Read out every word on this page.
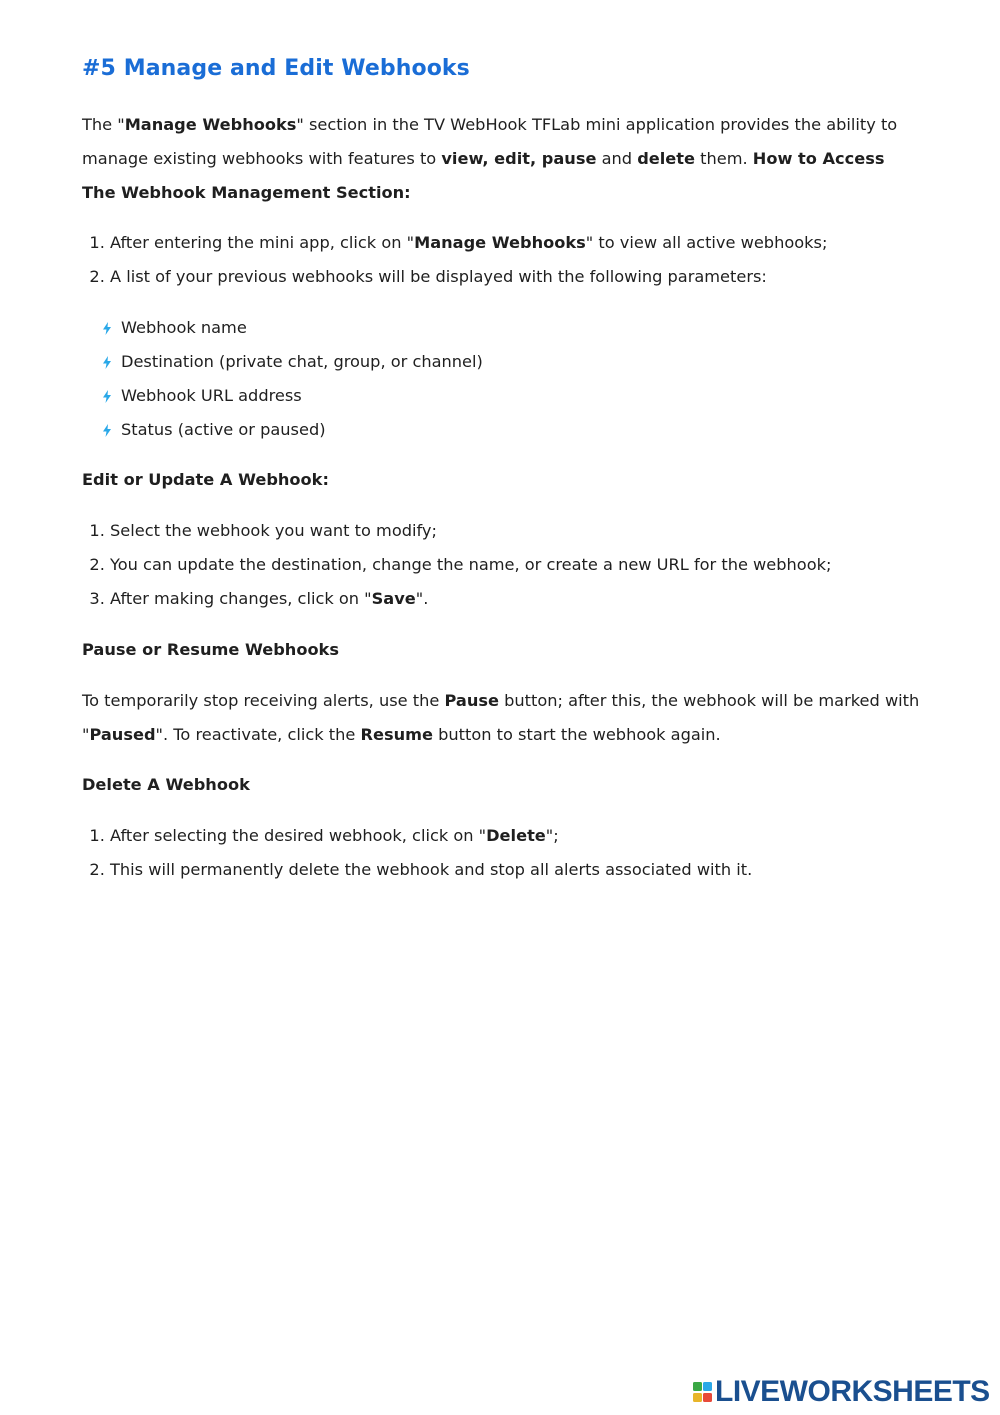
#5 Manage and Edit Webhooks

The "Manage Webhooks" section in the TV WebHook TFLab mini application provides the ability to manage existing webhooks with features to view, edit, pause and delete them. How to Access The Webhook Management Section:

1. After entering the mini app, click on "Manage Webhooks" to view all active webhooks;
2. A list of your previous webhooks will be displayed with the following parameters:
Webhook name
Destination (private chat, group, or channel)
Webhook URL address
Status (active or paused)

Edit or Update A Webhook:

1. Select the webhook you want to modify;
2. You can update the destination, change the name, or create a new URL for the webhook;
3. After making changes, click on "Save".

Pause or Resume Webhooks

To temporarily stop receiving alerts, use the Pause button; after this, the webhook will be marked with "Paused". To reactivate, click the Resume button to start the webhook again.

Delete A Webhook

1. After selecting the desired webhook, click on "Delete";
2. This will permanently delete the webhook and stop all alerts associated with it.
LIVEWORKSHEETS
